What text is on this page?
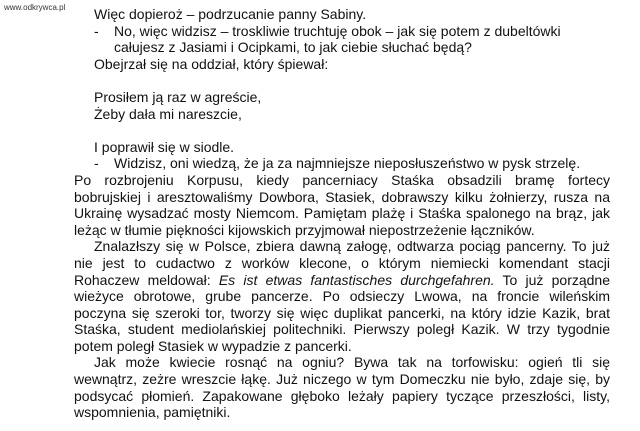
www.odkrywca.pl	Więc dopieroż – podrzucanie panny Sabiny.
- No, więc widzisz – troskliwie truchtuję obok – jak się potem z dubeltówki
całujesz z Jasiami i Ocipkami, to jak ciebie słuchać będą?
Obejrzał się na oddział, który śpiewał:
Prosiłem ją raz w agreście,
Żeby dała mi nareszcie,
I poprawił się w siodle.
- Widzisz, oni wiedzą, że ja za najmniejsze nieposłuszeństwo w pysk strzelę.
Po rozbrojeniu Korpusu, kiedy pancerniacy Staśka obsadzili bramę fortecy
bobrujskiej i aresztowaliśmy Dowbora, Stasiek, dobrawszy kilku żołnierzy, rusza na
Ukrainę wysadzać mosty Niemcom. Pamiętam plażę i Staśka spalonego na brąz, jak
leżąc w tłumie piękności kijowskich przyjmował niepostrzeżenie łączników.
Znalazłszy się w Polsce, zbiera dawną załogę, odtwarza pociąg pancerny. To już
nie jest to cudactwo z worków klecone, o którym niemiecki komendant stacji
Rohaczew meldował: Es ist etwas fantastisches durchgefahren. To już porządne
wieżyce obrotowe, grube pancerze. Po odsieczy Lwowa, na froncie wileńskim
poczyna się szeroki tor, tworzy się więc duplikat pancerki, na który idzie Kazik, brat
Staśka, student mediolańskiej politechniki. Pierwszy poległ Kazik. W trzy tygodnie
potem poległ Stasiek w wypadzie z pancerki.
Jak może kwiecie rosnąć na ogniu? Bywa tak na torfowisku: ogień tli się
wewnątrz, zeżre wreszcie łąkę. Już niczego w tym Domeczku nie było, zdaje się, by
podsycać płomień. Zapakowane głęboko leżały papiery tyczące przeszłości, listy,
wspomnienia, pamiętniki.
